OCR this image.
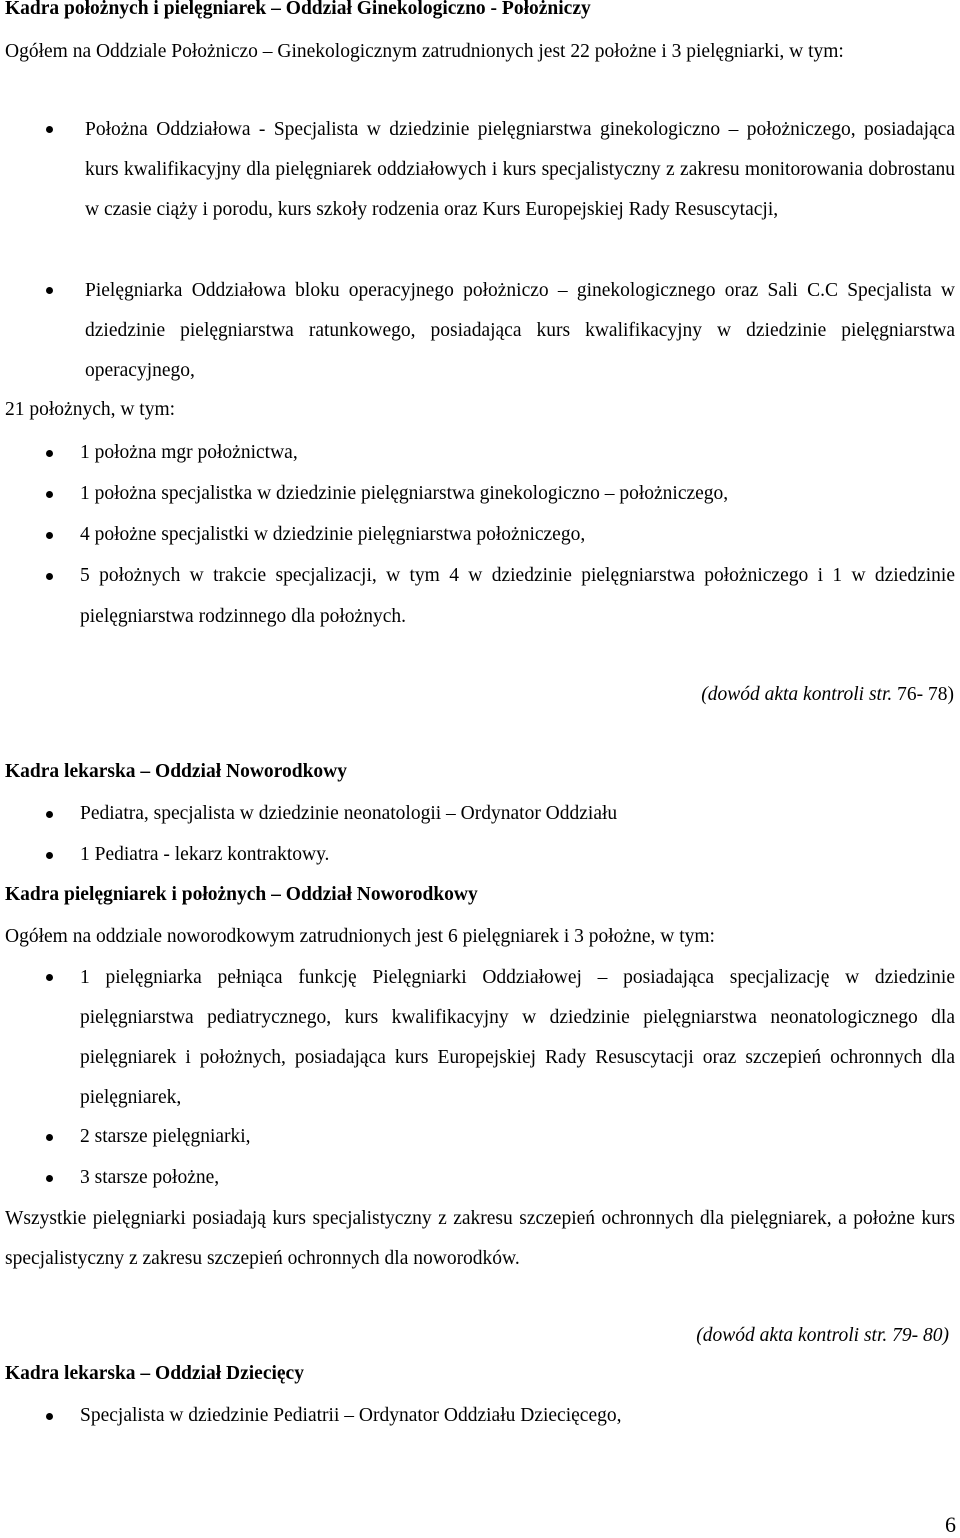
Kadra położnych i pielęgniarek – Oddział Ginekologiczno - Położniczy
Ogółem na Oddziale Położniczo – Ginekologicznym zatrudnionych jest 22 położne i 3 pielęgniarki, w tym:
Położna Oddziałowa - Specjalista w dziedzinie pielęgniarstwa ginekologiczno – położniczego, posiadająca kurs kwalifikacyjny dla pielęgniarek oddziałowych i kurs specjalistyczny z zakresu monitorowania dobrostanu w czasie ciąży i porodu, kurs szkoły rodzenia oraz Kurs Europejskiej Rady Resuscytacji,
Pielęgniarka Oddziałowa bloku operacyjnego położniczo – ginekologicznego oraz Sali C.C Specjalista w dziedzinie pielęgniarstwa ratunkowego, posiadająca kurs kwalifikacyjny w dziedzinie pielęgniarstwa operacyjnego,
21 położnych, w tym:
1 położna mgr położnictwa,
1 położna specjalistka w dziedzinie pielęgniarstwa ginekologiczno – położniczego,
4 położne specjalistki w dziedzinie pielęgniarstwa położniczego,
5 położnych w trakcie specjalizacji, w tym 4 w dziedzinie pielęgniarstwa położniczego i 1 w dziedzinie pielęgniarstwa rodzinnego dla położnych.
(dowód akta kontroli str. 76- 78)
Kadra lekarska – Oddział Noworodkowy
Pediatra, specjalista w dziedzinie neonatologii – Ordynator Oddziału
1 Pediatra - lekarz kontraktowy.
Kadra pielęgniarek i położnych – Oddział Noworodkowy
Ogółem na oddziale noworodkowym zatrudnionych jest 6 pielęgniarek i 3 położne, w tym:
1 pielęgniarka pełniąca funkcję Pielęgniarki Oddziałowej – posiadająca specjalizację w dziedzinie pielęgniarstwa pediatrycznego, kurs kwalifikacyjny w dziedzinie pielęgniarstwa neonatologicznego dla pielęgniarek i położnych, posiadająca kurs Europejskiej Rady Resuscytacji oraz szczepień ochronnych dla pielęgniarek,
2 starsze pielęgniarki,
3 starsze położne,
Wszystkie pielęgniarki posiadają kurs specjalistyczny z zakresu szczepień ochronnych dla pielęgniarek, a położne kurs specjalistyczny z zakresu szczepień ochronnych dla noworodków.
(dowód akta kontroli str. 79- 80)
Kadra lekarska – Oddział Dziecięcy
Specjalista w dziedzinie Pediatrii – Ordynator Oddziału Dziecięcego,
6
